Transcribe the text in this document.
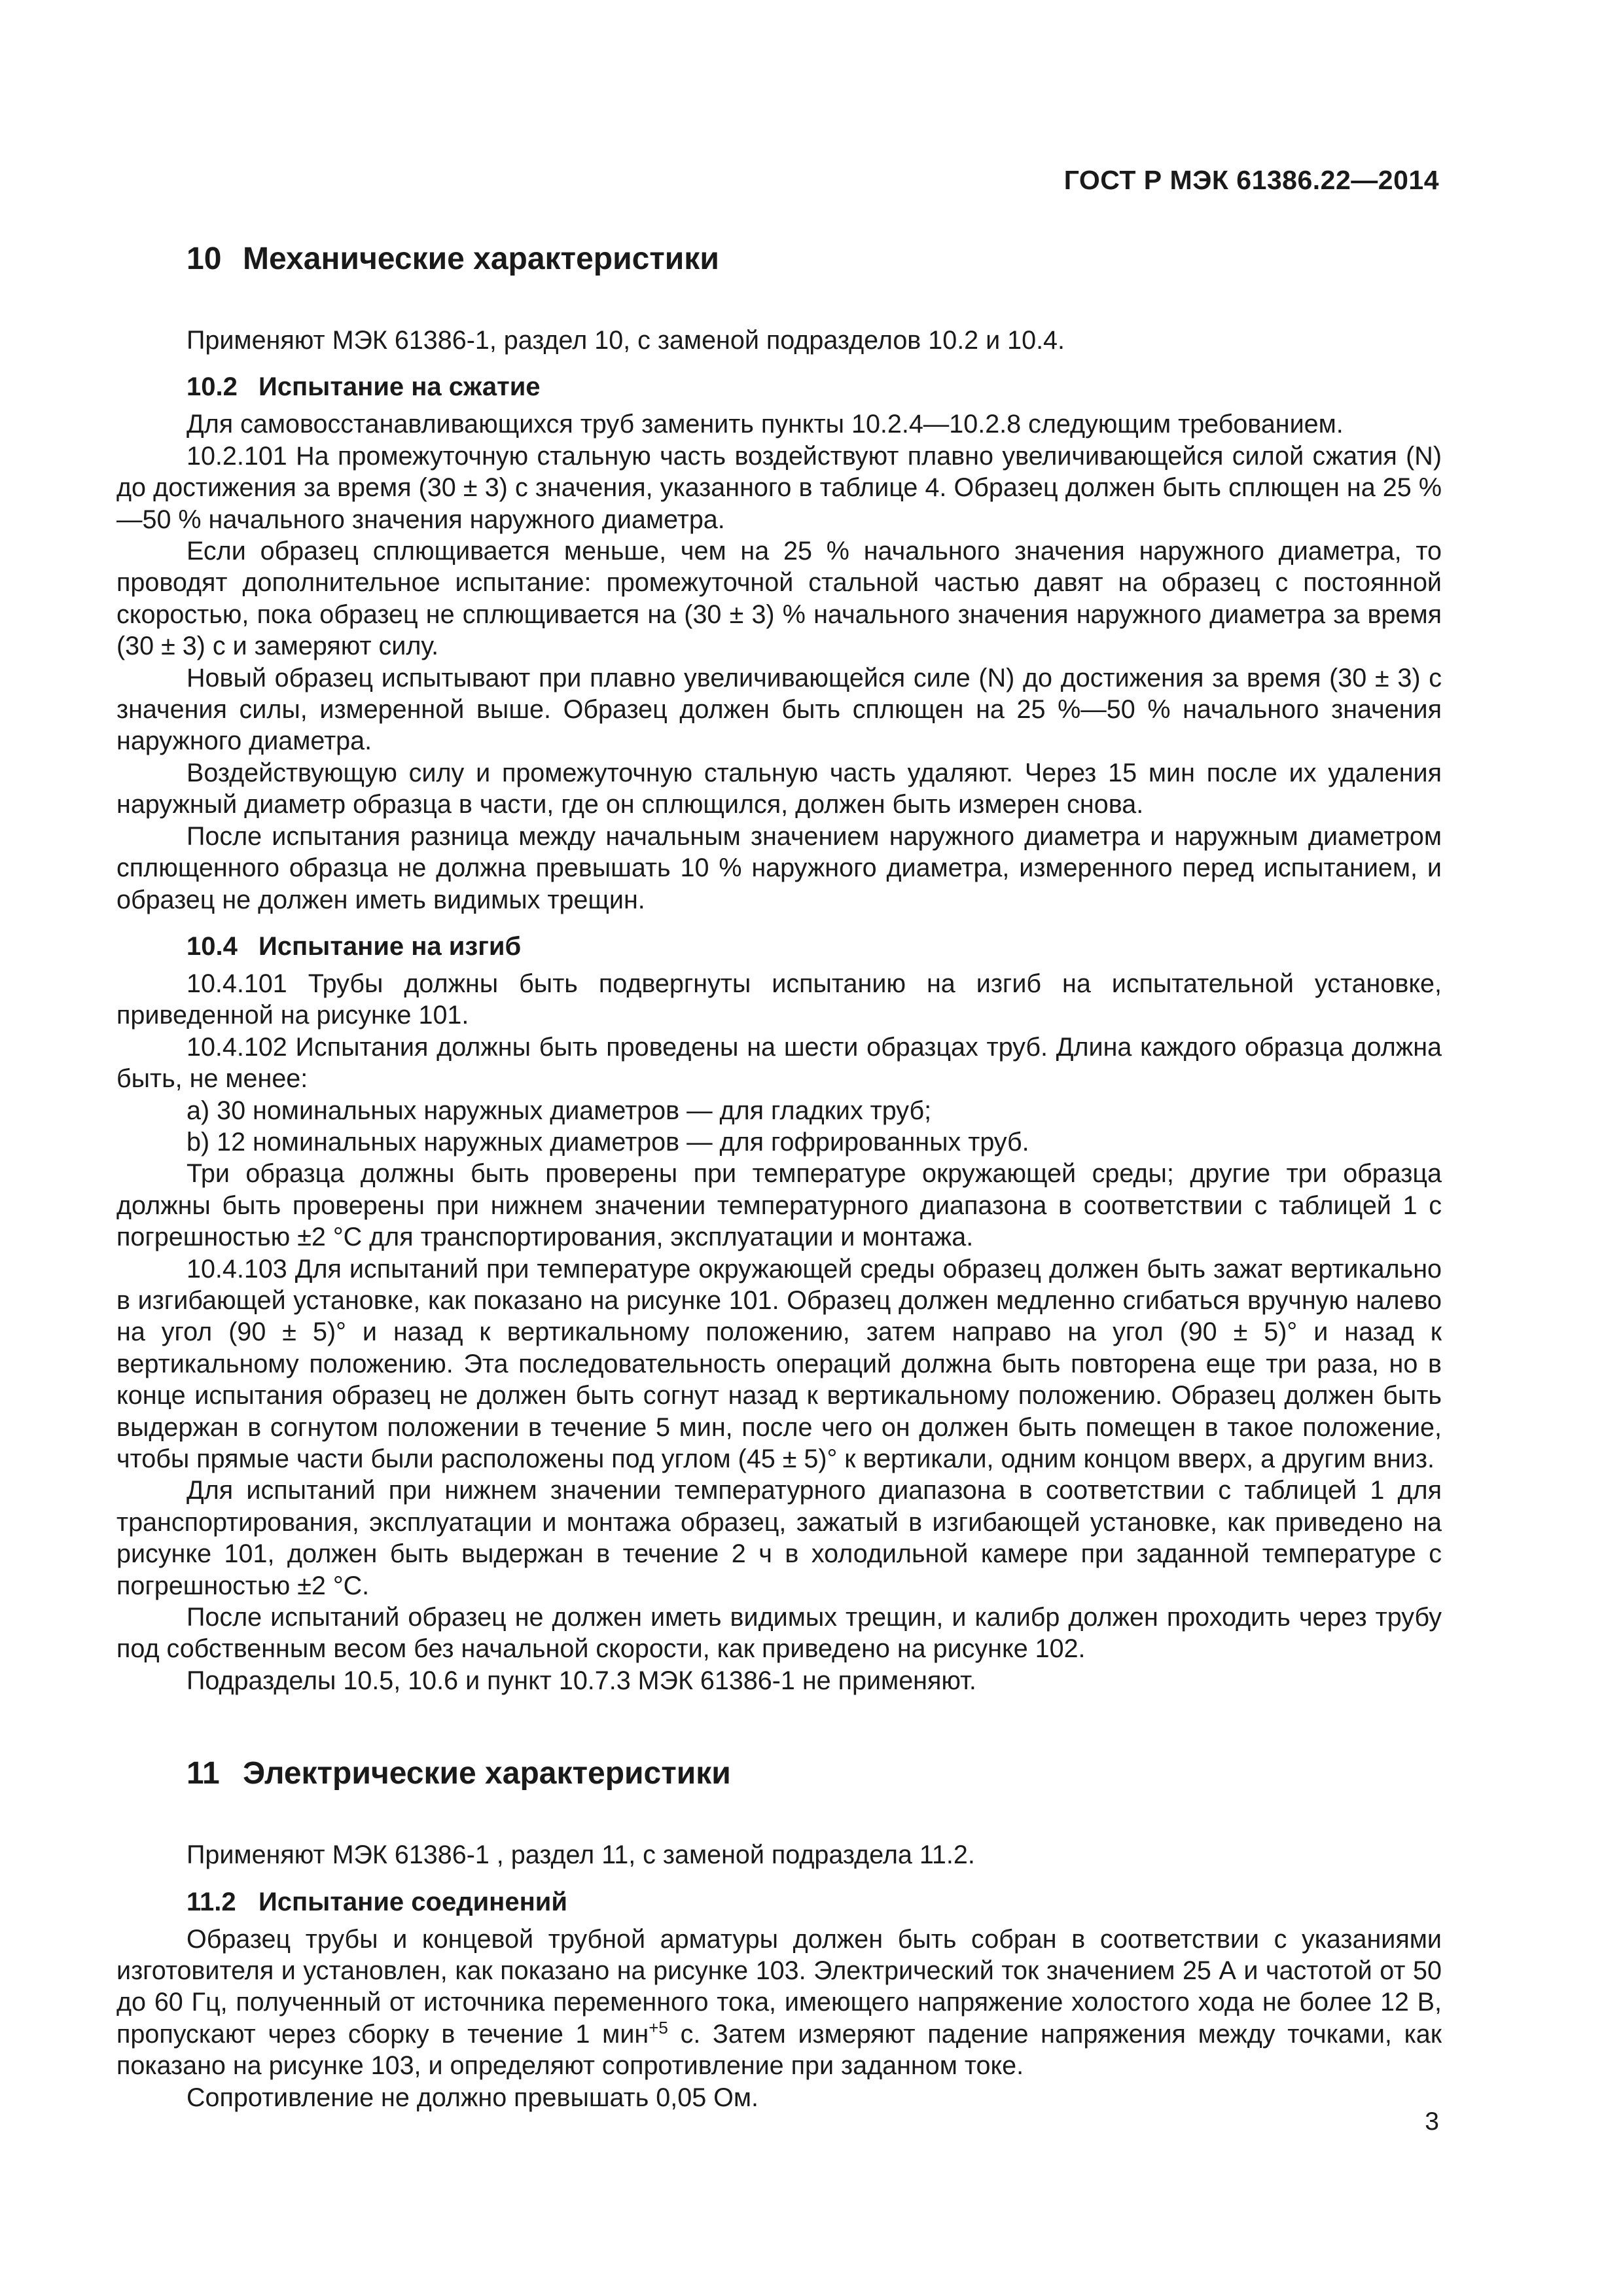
ГОСТ Р МЭК 61386.22—2014
10 Механические характеристики

Применяют МЭК 61386-1, раздел 10, с заменой подразделов 10.2 и 10.4.

10.2 Испытание на сжатие

Для самовосстанавливающихся труб заменить пункты 10.2.4—10.2.8 следующим требованием.

10.2.101 На промежуточную стальную часть воздействуют плавно увеличивающейся силой сжатия (N) до достижения за время (30 ± 3) с значения, указанного в таблице 4. Образец должен быть сплющен на 25 %—50 % начального значения наружного диаметра.

Если образец сплющивается меньше, чем на 25 % начального значения наружного диаметра, то проводят дополнительное испытание: промежуточной стальной частью давят на образец с постоянной скоростью, пока образец не сплющивается на (30 ± 3) % начального значения наружного диаметра за время (30 ± 3) с и замеряют силу.

Новый образец испытывают при плавно увеличивающейся силе (N) до достижения за время (30 ± 3) с значения силы, измеренной выше. Образец должен быть сплющен на 25 %—50 % начального значения наружного диаметра.

Воздействующую силу и промежуточную стальную часть удаляют. Через 15 мин после их удаления наружный диаметр образца в части, где он сплющился, должен быть измерен снова.

После испытания разница между начальным значением наружного диаметра и наружным диаметром сплющенного образца не должна превышать 10 % наружного диаметра, измеренного перед испытанием, и образец не должен иметь видимых трещин.

10.4 Испытание на изгиб

10.4.101 Трубы должны быть подвергнуты испытанию на изгиб на испытательной установке, приведенной на рисунке 101.

10.4.102 Испытания должны быть проведены на шести образцах труб. Длина каждого образца должна быть, не менее:

a) 30 номинальных наружных диаметров — для гладких труб;

b) 12 номинальных наружных диаметров — для гофрированных труб.

Три образца должны быть проверены при температуре окружающей среды; другие три образца должны быть проверены при нижнем значении температурного диапазона в соответствии с таблицей 1 с погрешностью ±2 °С для транспортирования, эксплуатации и монтажа.

10.4.103 Для испытаний при температуре окружающей среды образец должен быть зажат вертикально в изгибающей установке, как показано на рисунке 101. Образец должен медленно сгибаться вручную налево на угол (90 ± 5)° и назад к вертикальному положению, затем направо на угол (90 ± 5)° и назад к вертикальному положению. Эта последовательность операций должна быть повторена еще три раза, но в конце испытания образец не должен быть согнут назад к вертикальному положению. Образец должен быть выдержан в согнутом положении в течение 5 мин, после чего он должен быть помещен в такое положение, чтобы прямые части были расположены под углом (45 ± 5)° к вертикали, одним концом вверх, а другим вниз.

Для испытаний при нижнем значении температурного диапазона в соответствии с таблицей 1 для транспортирования, эксплуатации и монтажа образец, зажатый в изгибающей установке, как приведено на рисунке 101, должен быть выдержан в течение 2 ч в холодильной камере при заданной температуре с погрешностью ±2 °С.

После испытаний образец не должен иметь видимых трещин, и калибр должен проходить через трубу под собственным весом без начальной скорости, как приведено на рисунке 102.

Подразделы 10.5, 10.6 и пункт 10.7.3 МЭК 61386-1 не применяют.

11 Электрические характеристики

Применяют МЭК 61386-1 , раздел 11, с заменой подраздела 11.2.

11.2 Испытание соединений

Образец трубы и концевой трубной арматуры должен быть собран в соответствии с указаниями изготовителя и установлен, как показано на рисунке 103. Электрический ток значением 25 А и частотой от 50 до 60 Гц, полученный от источника переменного тока, имеющего напряжение холостого хода не более 12 В, пропускают через сборку в течение 1 мин$^{+5}$ с. Затем измеряют падение напряжения между точками, как показано на рисунке 103, и определяют сопротивление при заданном токе.

Сопротивление не должно превышать 0,05 Ом.

3
